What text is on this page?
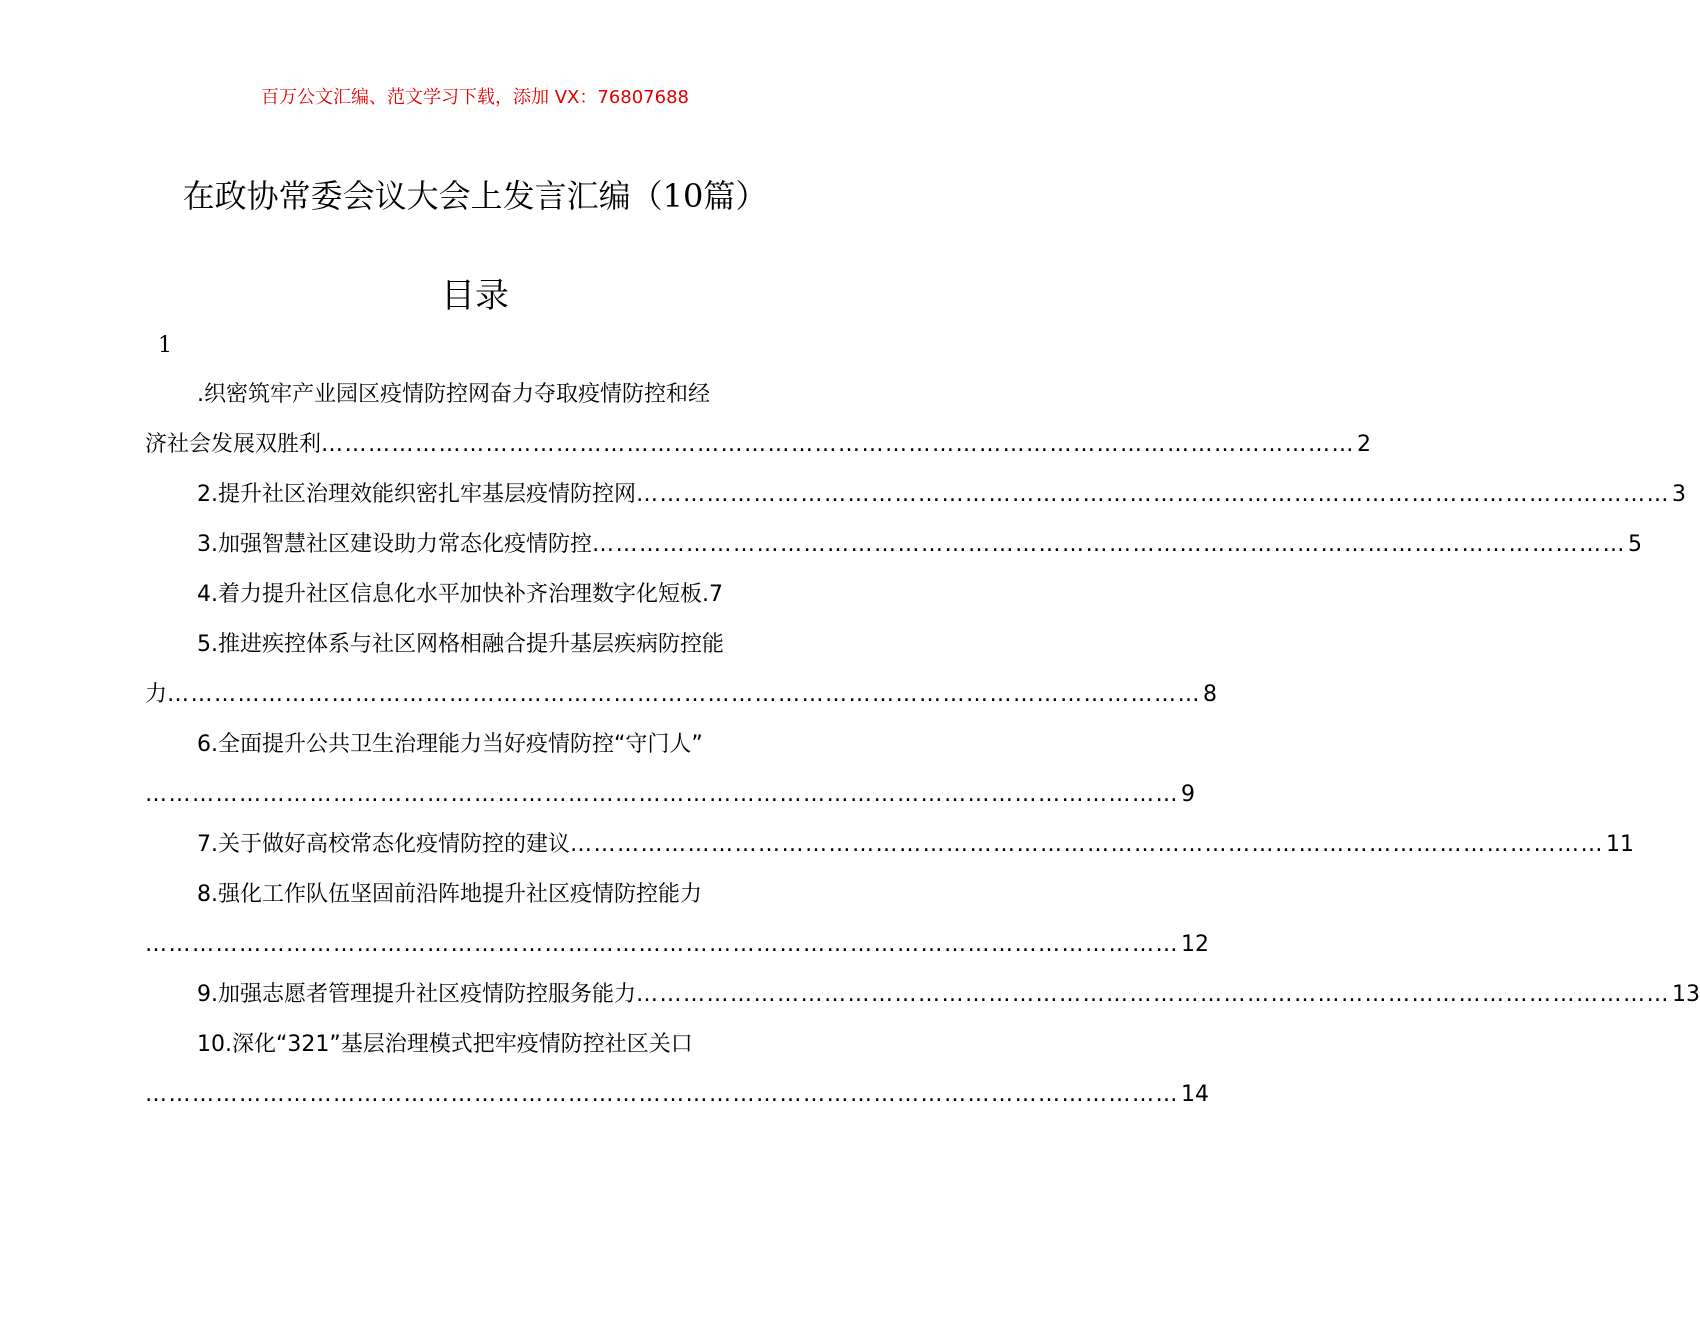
百万公文汇编、范文学习下载，添加 VX：76807688
在政协常委会议大会上发言汇编（10篇）
目录
1
.织密筑牢产业园区疫情防控网奋力夺取疫情防控和经
济社会发展双胜利 …………………………………………………………………………………………………………………… 2
2.提升社区治理效能织密扎牢基层疫情防控网 …………………………………………………………………………………………………………………… 3
3.加强智慧社区建设助力常态化疫情防控 …………………………………………………………………………………………………………………… 5
4.着力提升社区信息化水平加快补齐治理数字化短板.7
5.推进疾控体系与社区网格相融合提升基层疾病防控能
力 …………………………………………………………………………………………………………………… 8
6.全面提升公共卫生治理能力当好疫情防控“守门人”
…………………………………………………………………………………………………………………… 9
7.关于做好高校常态化疫情防控的建议 …………………………………………………………………………………………………………………… 11
8.强化工作队伍坚固前沿阵地提升社区疫情防控能力
…………………………………………………………………………………………………………………… 12
9.加强志愿者管理提升社区疫情防控服务能力 …………………………………………………………………………………………………………………… 13
10.深化“321”基层治理模式把牢疫情防控社区关口
…………………………………………………………………………………………………………………… 14
